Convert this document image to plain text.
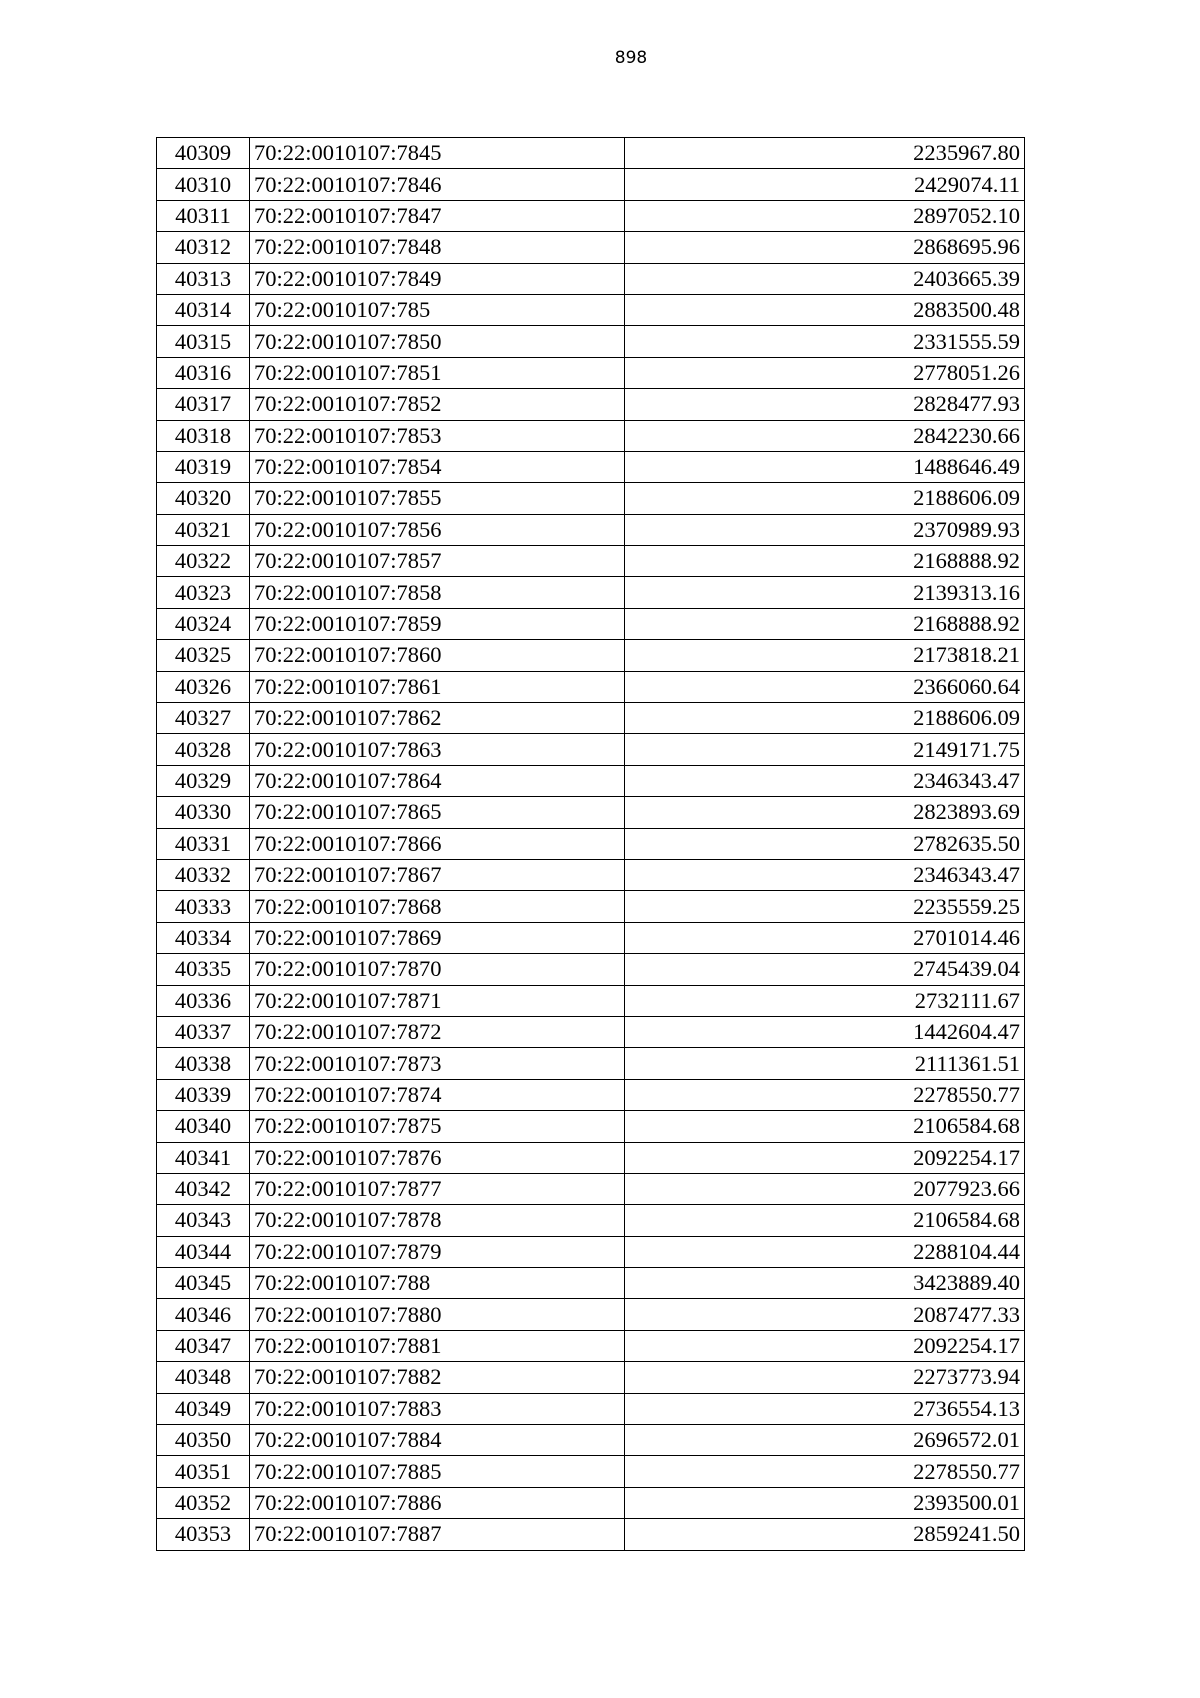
898
40309	70:22:0010107:7845	2235967.80
40310	70:22:0010107:7846	2429074.11
40311	70:22:0010107:7847	2897052.10
40312	70:22:0010107:7848	2868695.96
40313	70:22:0010107:7849	2403665.39
40314	70:22:0010107:785	2883500.48
40315	70:22:0010107:7850	2331555.59
40316	70:22:0010107:7851	2778051.26
40317	70:22:0010107:7852	2828477.93
40318	70:22:0010107:7853	2842230.66
40319	70:22:0010107:7854	1488646.49
40320	70:22:0010107:7855	2188606.09
40321	70:22:0010107:7856	2370989.93
40322	70:22:0010107:7857	2168888.92
40323	70:22:0010107:7858	2139313.16
40324	70:22:0010107:7859	2168888.92
40325	70:22:0010107:7860	2173818.21
40326	70:22:0010107:7861	2366060.64
40327	70:22:0010107:7862	2188606.09
40328	70:22:0010107:7863	2149171.75
40329	70:22:0010107:7864	2346343.47
40330	70:22:0010107:7865	2823893.69
40331	70:22:0010107:7866	2782635.50
40332	70:22:0010107:7867	2346343.47
40333	70:22:0010107:7868	2235559.25
40334	70:22:0010107:7869	2701014.46
40335	70:22:0010107:7870	2745439.04
40336	70:22:0010107:7871	2732111.67
40337	70:22:0010107:7872	1442604.47
40338	70:22:0010107:7873	2111361.51
40339	70:22:0010107:7874	2278550.77
40340	70:22:0010107:7875	2106584.68
40341	70:22:0010107:7876	2092254.17
40342	70:22:0010107:7877	2077923.66
40343	70:22:0010107:7878	2106584.68
40344	70:22:0010107:7879	2288104.44
40345	70:22:0010107:788	3423889.40
40346	70:22:0010107:7880	2087477.33
40347	70:22:0010107:7881	2092254.17
40348	70:22:0010107:7882	2273773.94
40349	70:22:0010107:7883	2736554.13
40350	70:22:0010107:7884	2696572.01
40351	70:22:0010107:7885	2278550.77
40352	70:22:0010107:7886	2393500.01
40353	70:22:0010107:7887	2859241.50
